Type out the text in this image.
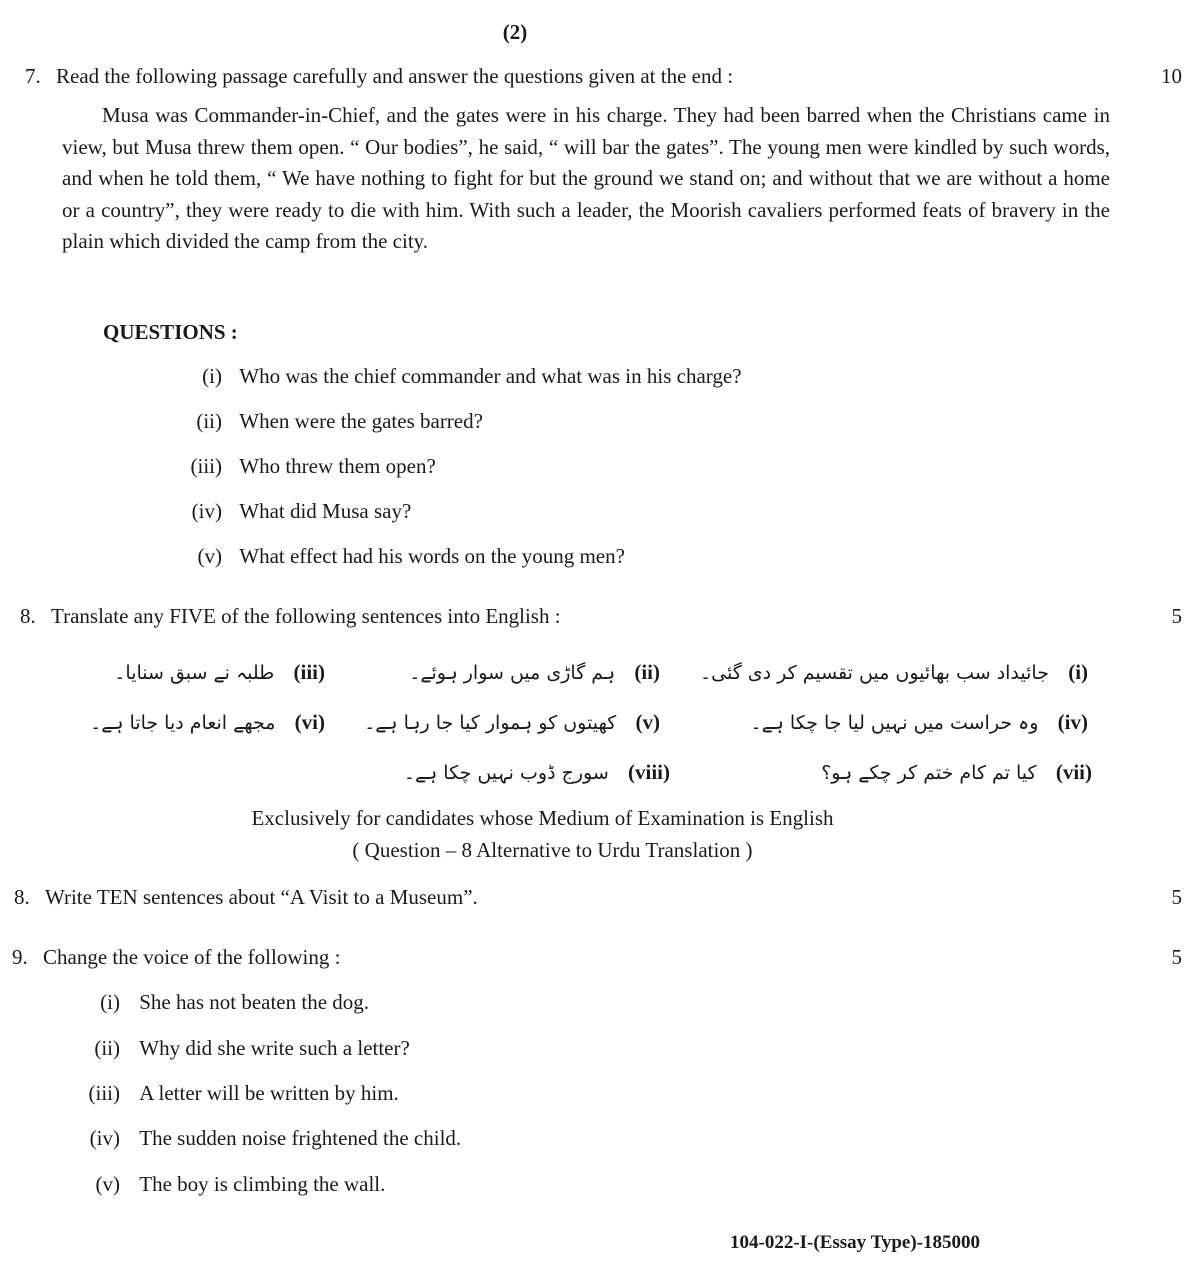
(2)
7. Read the following passage carefully and answer the questions given at the end :	10

Musa was Commander-in-Chief, and the gates were in his charge. They had been barred when the Christians came in view, but Musa threw them open. “ Our bodies”, he said, “ will bar the gates”. The young men were kindled by such words, and when he told them, “ We have nothing to fight for but the ground we stand on; and without that we are without a home or a country”, they were ready to die with him. With such a leader, the Moorish cavaliers performed feats of bravery in the plain which divided the camp from the city.

QUESTIONS :
(i) Who was the chief commander and what was in his charge?
(ii) When were the gates barred?
(iii) Who threw them open?
(iv) What did Musa say?
(v) What effect had his words on the young men?
8. Translate any FIVE of the following sentences into English :	5
جائیداد سب بھائیوں میں تقسیم کر دی گئی۔ (i)
ہم گاڑی میں سوار ہوئے۔ (ii)
طلبہ نے سبق سنایا۔ (iii)
وہ حراست میں نہیں لیا جا چکا ہے۔ (iv)
کھیتوں کو ہموار کیا جا رہا ہے۔ (v)
مجھے انعام دیا جاتا ہے۔ (vi)
کیا تم کام ختم کر چکے ہو؟ (vii)
سورج ڈوب نہیں چکا ہے۔ (viii)
Exclusively for candidates whose Medium of Examination is English
( Question – 8 Alternative to Urdu Translation )
8. Write TEN sentences about “A Visit to a Museum”.	5
9. Change the voice of the following :	5
(i) She has not beaten the dog.
(ii) Why did she write such a letter?
(iii) A letter will be written by him.
(iv) The sudden noise frightened the child.
(v) The boy is climbing the wall.
104-022-I-(Essay Type)-185000
